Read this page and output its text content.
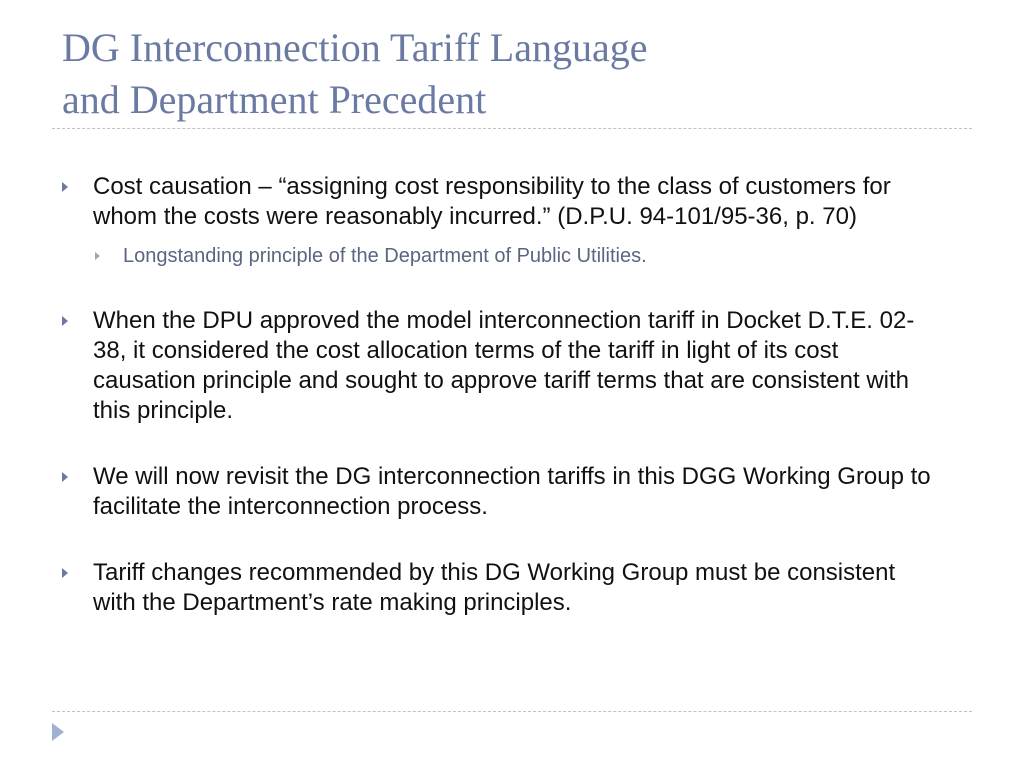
DG Interconnection Tariff Language
and Department Precedent
Cost causation – “assigning cost responsibility to the class of customers for whom the costs were reasonably incurred.” (D.P.U. 94-101/95-36, p. 70)
Longstanding principle of the Department of Public Utilities.
When the DPU approved the model interconnection tariff in Docket D.T.E. 02-38, it considered the cost allocation terms of the tariff in light of its cost causation principle and sought to approve tariff terms that are consistent with this principle.
We will now revisit the DG interconnection tariffs in this DGG Working Group to facilitate the interconnection process.
Tariff changes recommended by this DG Working Group must be consistent with the Department’s rate making principles.
